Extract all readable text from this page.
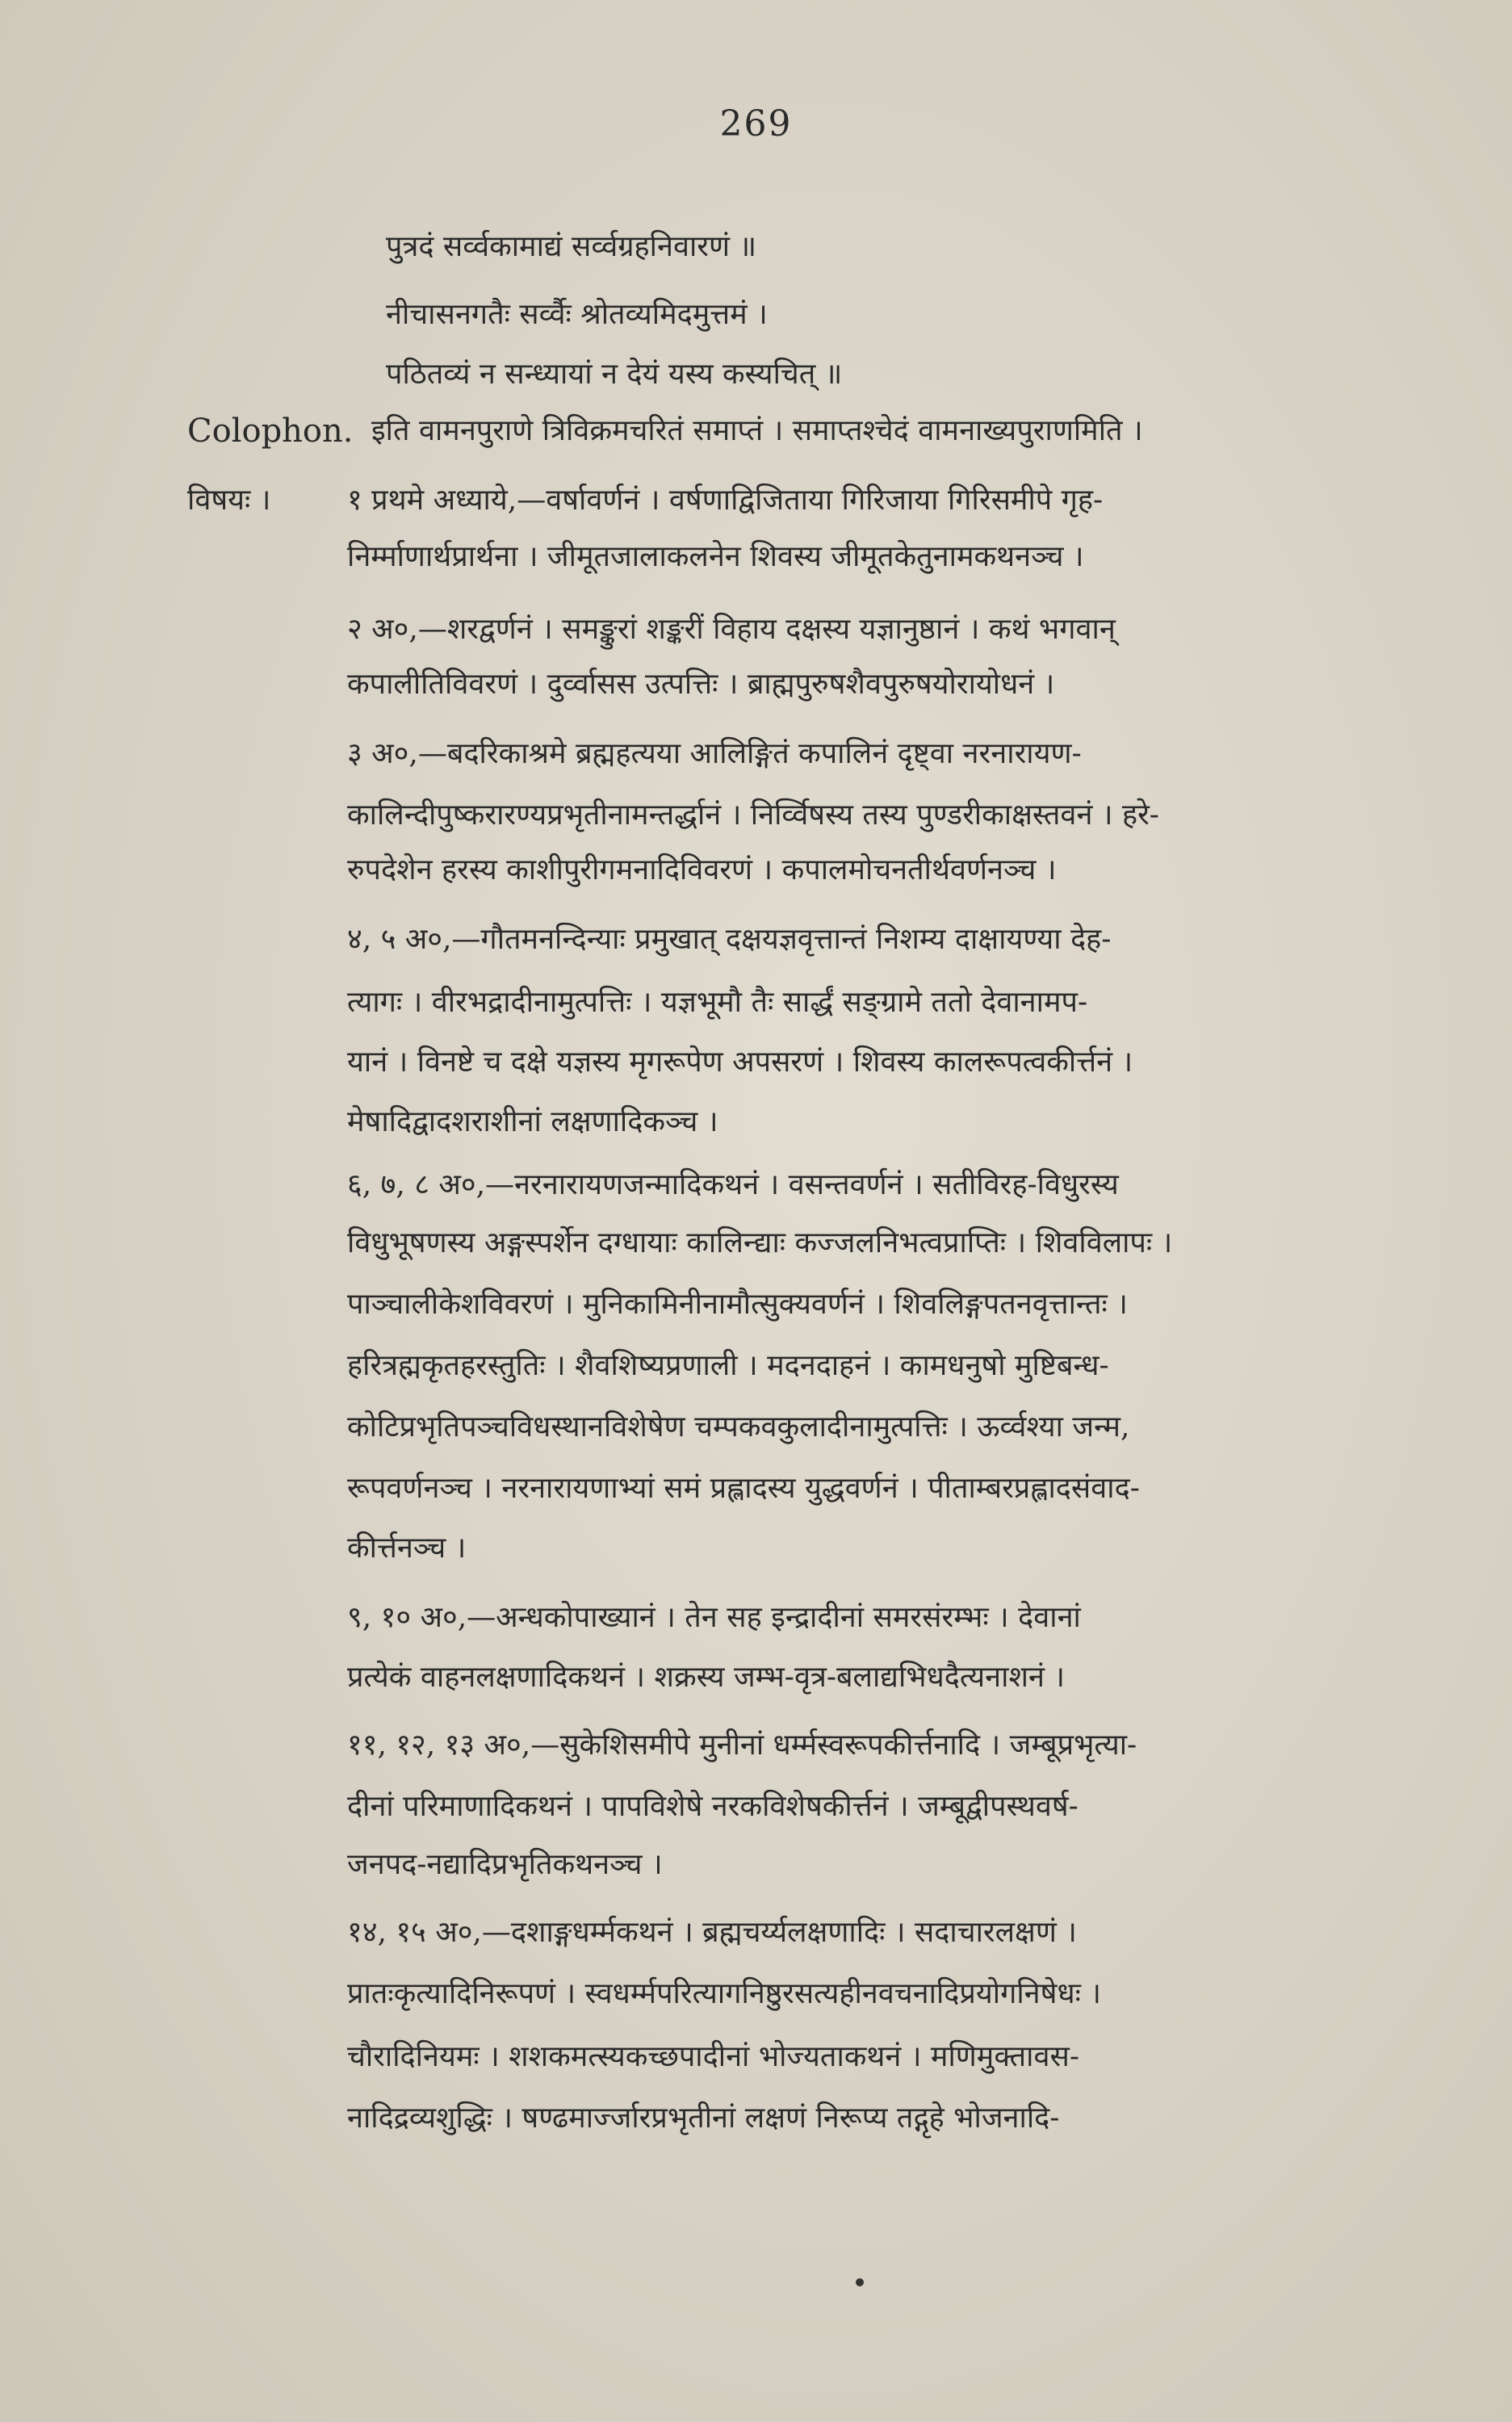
269
पुत्रदं सर्व्वकामाद्यं सर्व्वग्रहनिवारणं ॥
नीचासनगतैः सर्व्वैः श्रोतव्यमिदमुत्तमं ।
पठितव्यं न सन्ध्यायां न देयं यस्य कस्यचित् ॥
Colophon. इति वामनपुराणे त्रिविक्रमचरितं समाप्तं । समाप्तश्चेदं वामनाख्यपुराणमिति ।
विषयः ।	१ प्रथमे अध्याये,—वर्षावर्णनं । वर्षणाद्विजिताया गिरिजाया गिरिसमीपे गृह-
निर्म्माणार्थप्रार्थना । जीमूतजालाकलनेन शिवस्य जीमूतकेतुनामकथनञ्च ।
२ अ०,—शरद्वर्णनं । समङ्कुरां शङ्करीं विहाय दक्षस्य यज्ञानुष्ठानं । कथं भगवान्
कपालीतिविवरणं । दुर्व्वासस उत्पत्तिः । ब्राह्मपुरुषशैवपुरुषयोरायोधनं ।
३ अ०,—बदरिकाश्रमे ब्रह्महत्यया आलिङ्गितं कपालिनं दृष्ट्वा नरनारायण-
कालिन्दीपुष्करारण्यप्रभृतीनामन्तर्द्धानं । निर्व्विषस्य तस्य पुण्डरीकाक्षस्तवनं । हरे-
रुपदेशेन हरस्य काशीपुरीगमनादिविवरणं । कपालमोचनतीर्थवर्णनञ्च ।
४, ५ अ०,—गौतमनन्दिन्याः प्रमुखात् दक्षयज्ञवृत्तान्तं निशम्य दाक्षायण्या देह-
त्यागः । वीरभद्रादीनामुत्पत्तिः । यज्ञभूमौ तैः सार्द्धं सङ्ग्रामे ततो देवानामप-
यानं । विनष्टे च दक्षे यज्ञस्य मृगरूपेण अपसरणं । शिवस्य कालरूपत्वकीर्त्तनं ।
मेषादिद्वादशराशीनां लक्षणादिकञ्च ।
६, ७, ८ अ०,—नरनारायणजन्मादिकथनं । वसन्तवर्णनं । सतीविरह-विधुरस्य
विधुभूषणस्य अङ्गस्पर्शेन दग्धायाः कालिन्द्याः कज्जलनिभत्वप्राप्तिः । शिवविलापः ।
पाञ्चालीकेशविवरणं । मुनिकामिनीनामौत्सुक्यवर्णनं । शिवलिङ्गपतनवृत्तान्तः ।
हरित्रह्मकृतहरस्तुतिः । शैवशिष्यप्रणाली । मदनदाहनं । कामधनुषो मुष्टिबन्ध-
कोटिप्रभृतिपञ्चविधस्थानविशेषेण चम्पकवकुलादीनामुत्पत्तिः । ऊर्व्वश्या जन्म,
रूपवर्णनञ्च । नरनारायणाभ्यां समं प्रह्लादस्य युद्धवर्णनं । पीताम्बरप्रह्लादसंवाद-
कीर्त्तनञ्च ।
९, १० अ०,—अन्धकोपाख्यानं । तेन सह इन्द्रादीनां समरसंरम्भः । देवानां
प्रत्येकं वाहनलक्षणादिकथनं । शक्रस्य जम्भ-वृत्र-बलाद्यभिधदैत्यनाशनं ।
११, १२, १३ अ०,—सुकेशिसमीपे मुनीनां धर्म्मस्वरूपकीर्त्तनादि । जम्बूप्रभृत्या-
दीनां परिमाणादिकथनं । पापविशेषे नरकविशेषकीर्त्तनं । जम्बूद्वीपस्थवर्ष-
जनपद-नद्यादिप्रभृतिकथनञ्च ।
१४, १५ अ०,—दशाङ्गधर्म्मकथनं । ब्रह्मचर्य्यलक्षणादिः । सदाचारलक्षणं ।
प्रातःकृत्यादिनिरूपणं । स्वधर्म्मपरित्यागनिष्ठुरसत्यहीनवचनादिप्रयोगनिषेधः ।
चौरादिनियमः । शशकमत्स्यकच्छपादीनां भोज्यताकथनं । मणिमुक्तावस-
नादिद्रव्यशुद्धिः । षण्ढमार्ज्जारप्रभृतीनां लक्षणं निरूप्य तद्गृहे भोजनादि-
